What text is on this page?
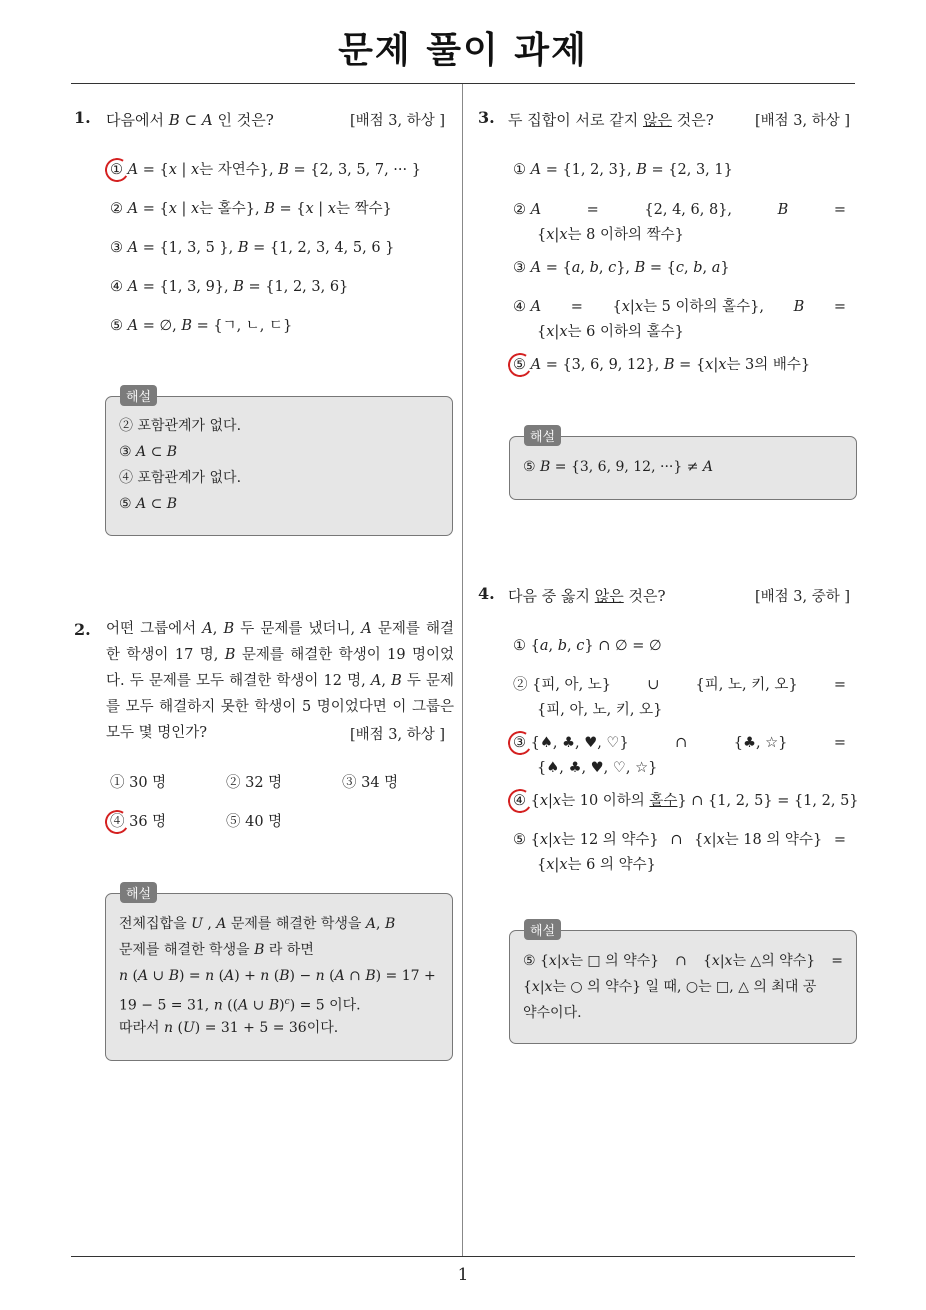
문제 풀이 과제
1. 다음에서 B ⊂ A 인 것은?	[배점 3, 하상 ]
① A = {x | x는 자연수}, B = {2, 3, 5, 7, ··· }
② A = {x | x는 홀수}, B = {x | x는 짝수}
③ A = {1, 3, 5 }, B = {1, 2, 3, 4, 5, 6 }
④ A = {1, 3, 9}, B = {1, 2, 3, 6}
⑤ A = ∅, B = {ㄱ, ㄴ, ㄷ}
② 포함관계가 없다.
③ A ⊂ B
④ 포함관계가 없다.
⑤ A ⊂ B
해설
2. 어떤 그룹에서 A, B 두 문제를 냈더니, A 문제를 해결한 학생이 17 명, B 문제를 해결한 학생이 19 명이었다. 두 문제를 모두 해결한 학생이 12 명, A, B 두 문제를 모두 해결하지 못한 학생이 5 명이었다면 이 그룹은 모두 몇 명인가?	[배점 3, 하상 ]
① 30 명	② 32 명	③ 34 명
④ 36 명	⑤ 40 명
전체집합을 U , A 문제를 해결한 학생을 A, B
문제를 해결한 학생을 B 라 하면
n (A ∪ B) = n (A) + n (B) − n (A ∩ B) = 17 +
19 − 5 = 31, n ((A ∪ B)$^c$) = 5 이다.
따라서 n (U) = 31 + 5 = 36이다.
해설
3. 두 집합이 서로 같지 않은 것은?	[배점 3, 하상 ]
① A = {1, 2, 3}, B = {2, 3, 1}
② A	=	{2, 4, 6, 8},	B	=
{x|x는 8 이하의 짝수}
③ A = {a, b, c}, B = {c, b, a}
④ A = {x|x는 5 이하의 홀수}, B =
{x|x는 6 이하의 홀수}
⑤ A = {3, 6, 9, 12}, B = {x|x는 3의 배수}
⑤ B = {3, 6, 9, 12, ···} ≠ A
해설
4. 다음 중 옳지 않은 것은?	[배점 3, 중하 ]
① {a, b, c} ∩ ∅ = ∅
② {피, 아, 노} ∪ {피, 노, 키, 오} =
{피, 아, 노, 키, 오}
③ {♠, ♣, ♥, ♡}	∩	{♣, ☆}	=
{♠, ♣, ♥, ♡, ☆}
④ {x|x는 10 이하의 홀수} ∩ {1, 2, 5} = {1, 2, 5}
⑤ {x|x는 12 의 약수} ∩ {x|x는 18 의 약수} =
{x|x는 6 의 약수}
⑤ {x|x는 □ 의 약수} ∩ {x|x는 △의 약수} =
{x|x는 ○ 의 약수} 일 때, ○는 □, △ 의 최대 공
약수이다.
해설
1
